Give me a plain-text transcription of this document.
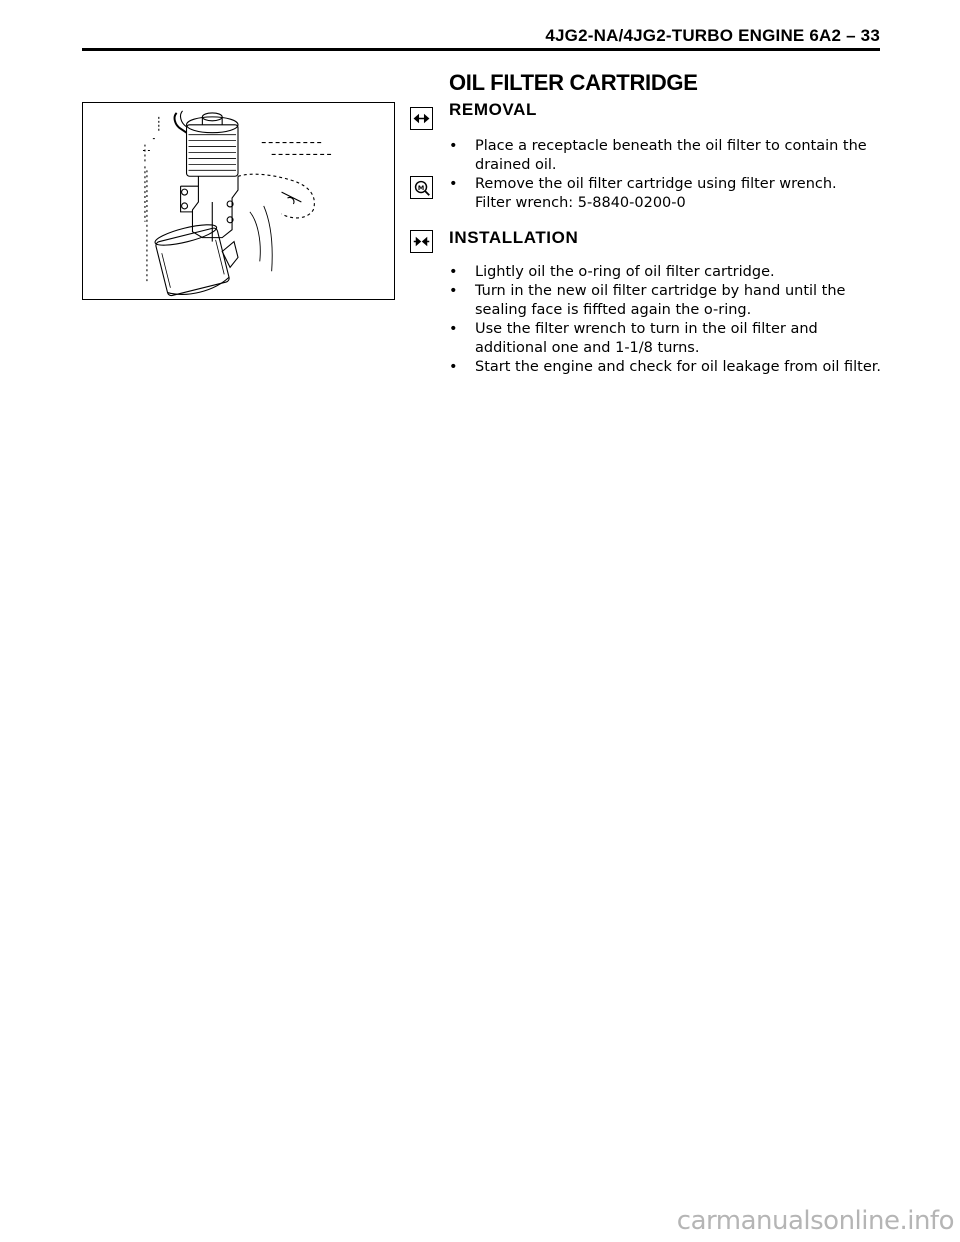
4JG2-NA/4JG2-TURBO ENGINE 6A2 – 33
OIL FILTER CARTRIDGE
REMOVAL
• Place a receptacle beneath the oil filter to contain the
drained oil.
M • Remove the oil filter cartridge using filter wrench.
Filter wrench: 5-8840-0200-0
INSTALLATION
• Lightly oil the o-ring of oil filter cartridge.
• Turn in the new oil filter cartridge by hand until the
sealing face is fiffted again the o-ring.
• Use the filter wrench to turn in the oil filter and
additional one and 1-1/8 turns.
• Start the engine and check for oil leakage from oil filter.
carmanualsonline.info
